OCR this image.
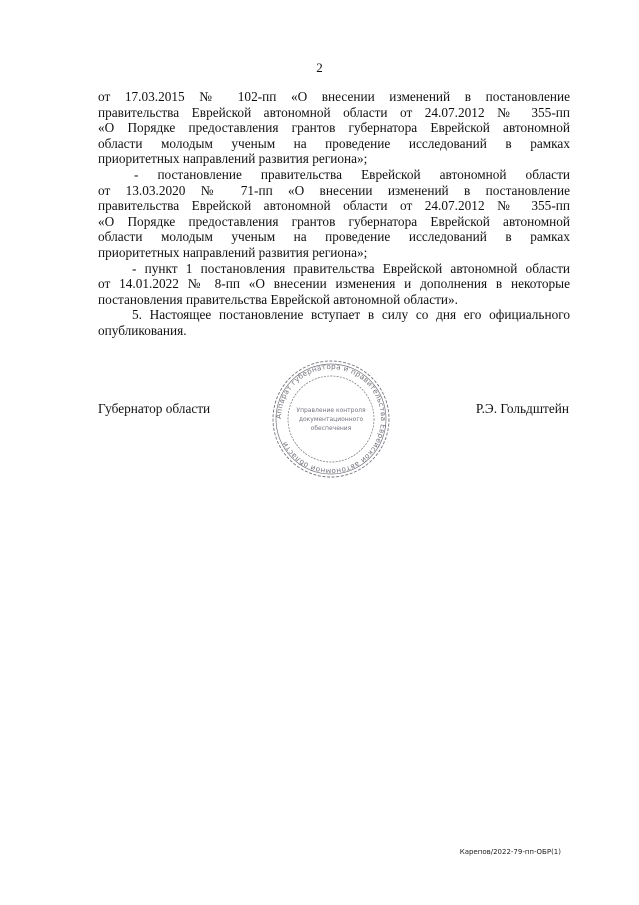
2
от 17.03.2015 № 102-пп «О внесении изменений в постановление
правительства Еврейской автономной области от 24.07.2012 № 355-пп
«О Порядке предоставления грантов губернатора Еврейской автономной
области молодым ученым на проведение исследований в рамках
приоритетных направлений развития региона»;
- постановление правительства Еврейской автономной области
от 13.03.2020 № 71-пп «О внесении изменений в постановление
правительства Еврейской автономной области от 24.07.2012 № 355-пп
«О Порядке предоставления грантов губернатора Еврейской автономной
области молодым ученым на проведение исследований в рамках
приоритетных направлений развития региона»;
- пункт 1 постановления правительства Еврейской автономной области
от 14.01.2022 № 8-пп «О внесении изменения и дополнения в некоторые
постановления правительства Еврейской автономной области».
5. Настоящее постановление вступает в силу со дня его официального
опубликования.
Губернатор области
Аппарат губернатора и правительства Еврейской автономной области
Управление контроля
документационного
обеспечения
Р.Э. Гольдштейн
Карепов/2022-79-пп-ОБР(1)
